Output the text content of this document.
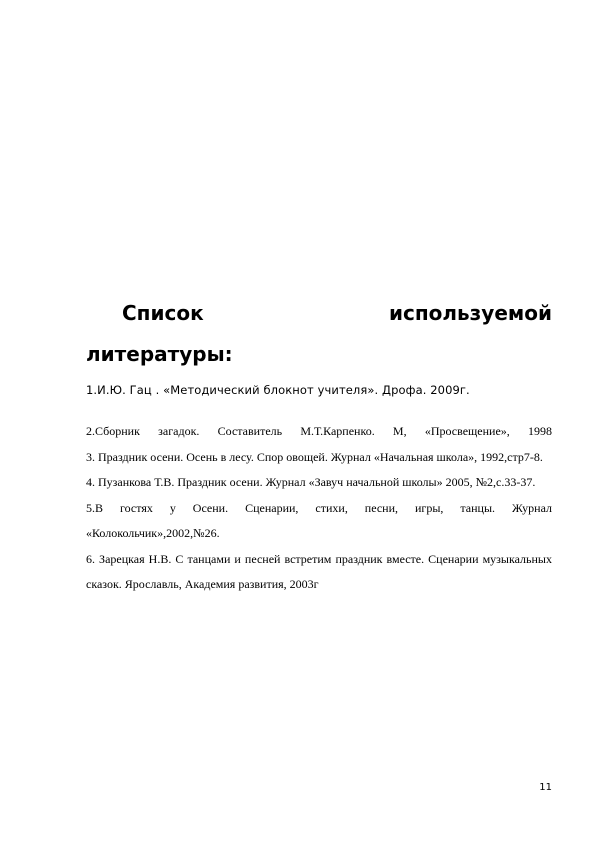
Список	используемой
литературы:
1.И.Ю. Гац . «Методический блокнот учителя». Дрофа. 2009г.

2.Сборник загадок. Составитель М.Т.Карпенко. М, «Просвещение», 1998

3. Праздник осени. Осень в лесу. Спор овощей. Журнал «Начальная школа», 1992,стр7-8.

4. Пузанкова Т.В. Праздник осени. Журнал «Завуч начальной школы» 2005, №2,с.33-37.

5.В гостях у Осени. Сценарии, стихи, песни, игры, танцы. Журнал «Колокольчик»,2002,№26.

6. Зарецкая Н.В. С танцами и песней встретим праздник вместе. Сценарии музыкальных сказок. Ярославль, Академия развития, 2003г

11
